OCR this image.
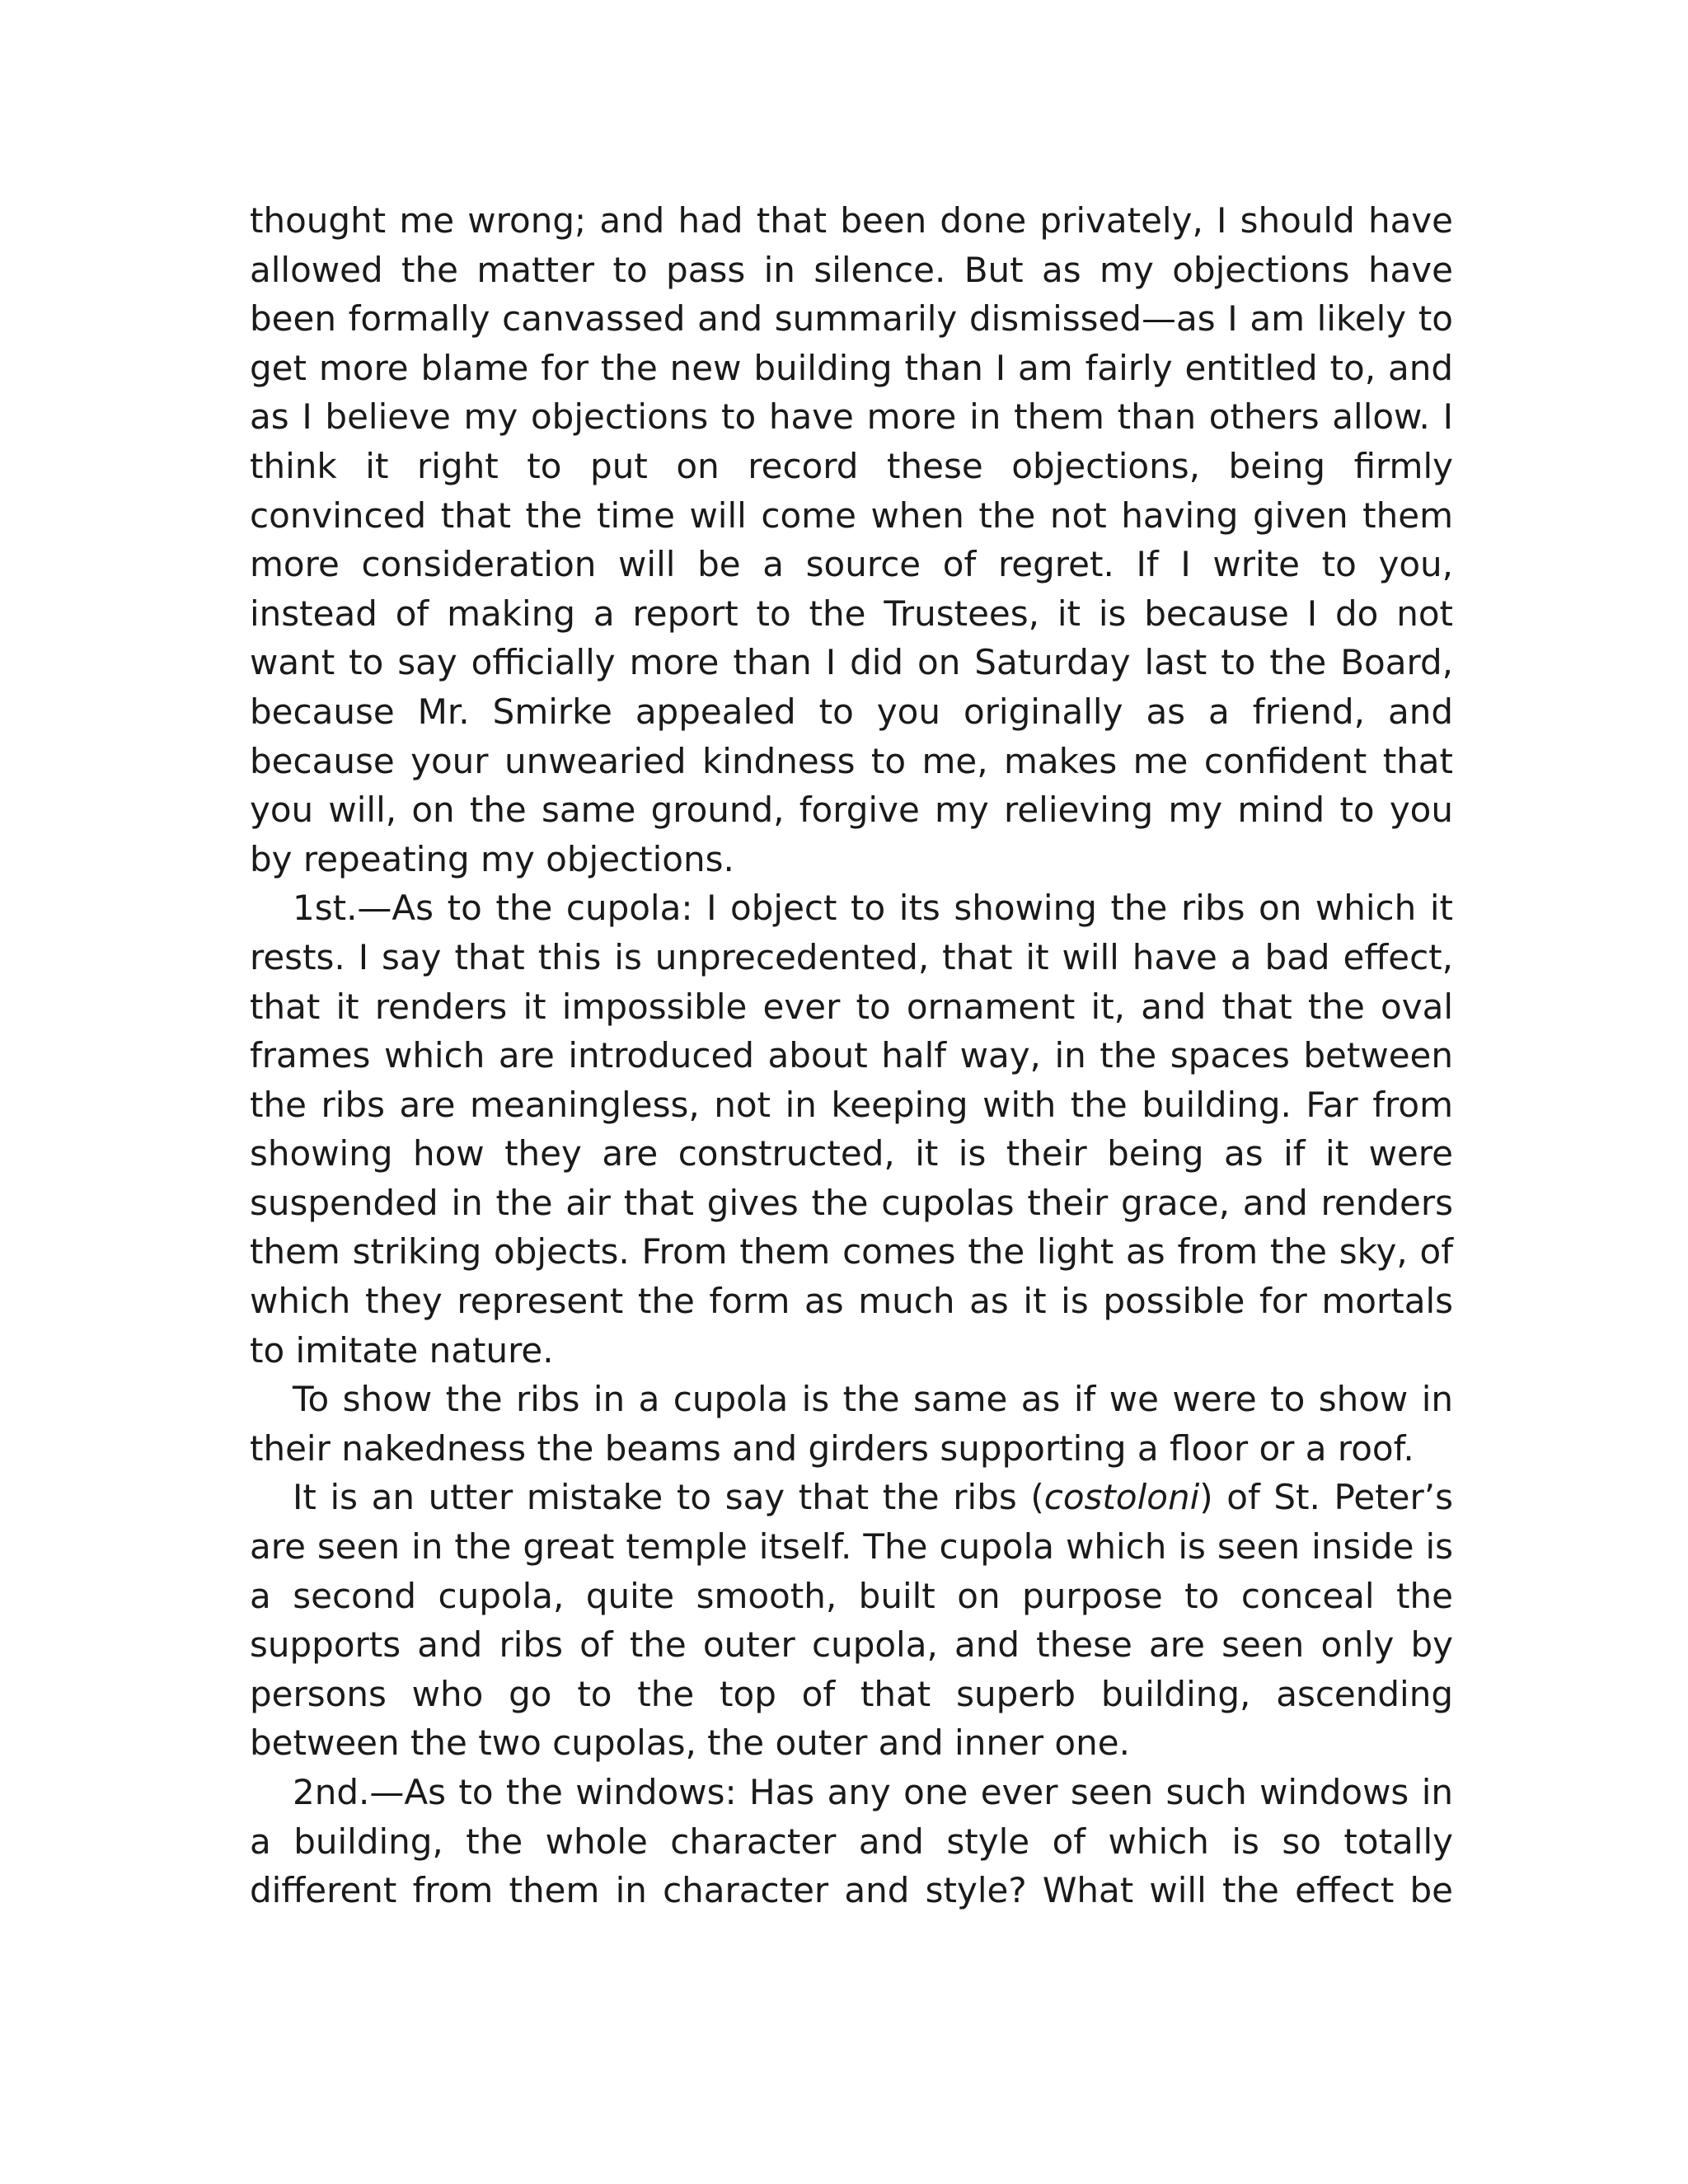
thought me wrong; and had that been done privately, I should have allowed the matter to pass in silence. But as my objections have been formally canvassed and summarily dismissed—as I am likely to get more blame for the new building than I am fairly entitled to, and as I believe my objections to have more in them than others allow. I think it right to put on record these objections, being firmly convinced that the time will come when the not having given them more consideration will be a source of regret. If I write to you, instead of making a report to the Trustees, it is because I do not want to say officially more than I did on Saturday last to the Board, because Mr. Smirke appealed to you originally as a friend, and because your unwearied kindness to me, makes me confident that you will, on the same ground, forgive my relieving my mind to you by repeating my objections.

1st.—As to the cupola: I object to its showing the ribs on which it rests. I say that this is unprecedented, that it will have a bad effect, that it renders it impossible ever to ornament it, and that the oval frames which are introduced about half way, in the spaces between the ribs are meaningless, not in keeping with the building. Far from showing how they are constructed, it is their being as if it were suspended in the air that gives the cupolas their grace, and renders them striking objects. From them comes the light as from the sky, of which they represent the form as much as it is possible for mortals to imitate nature.

To show the ribs in a cupola is the same as if we were to show in their nakedness the beams and girders supporting a floor or a roof.

It is an utter mistake to say that the ribs (costoloni) of St. Peter’s are seen in the great temple itself. The cupola which is seen inside is a second cupola, quite smooth, built on purpose to conceal the supports and ribs of the outer cupola, and these are seen only by persons who go to the top of that superb building, ascending between the two cupolas, the outer and inner one.

2nd.—As to the windows: Has any one ever seen such windows in a building, the whole character and style of which is so totally different from them in character and style? What will the effect be
